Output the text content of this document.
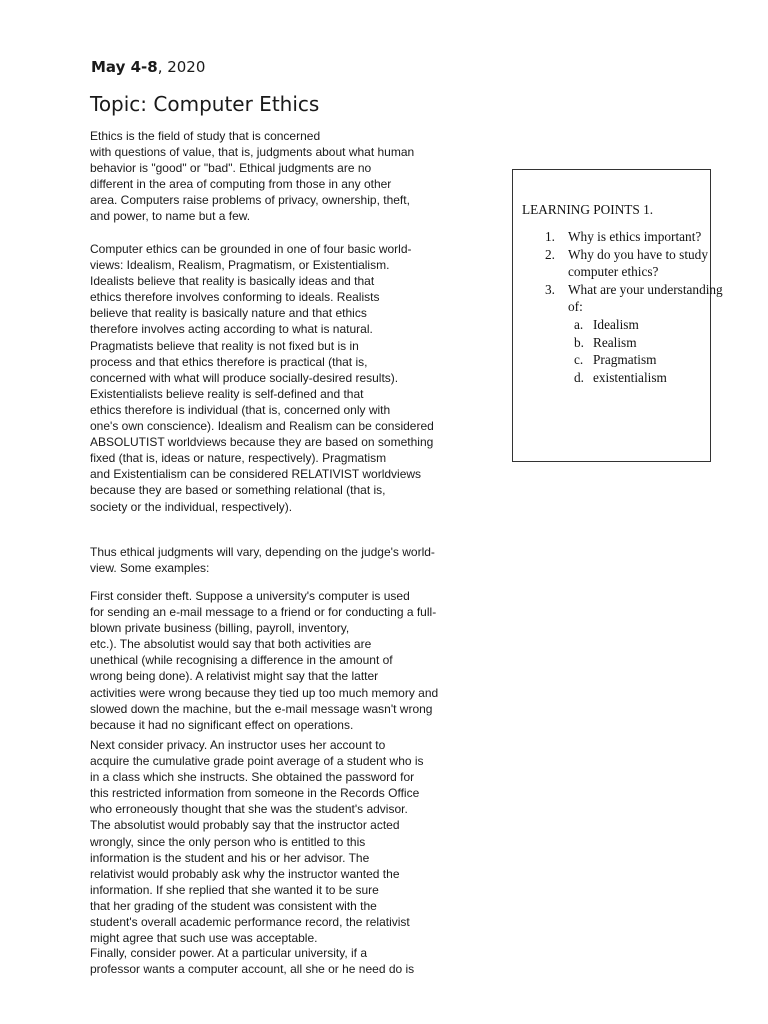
May 4-8, 2020
Topic: Computer Ethics
Ethics is the field of study that is concerned
with questions of value, that is, judgments about what human
behavior is "good" or "bad". Ethical judgments are no
different in the area of computing from those in any other
area. Computers raise problems of privacy, ownership, theft,
and power, to name but a few.
Computer ethics can be grounded in one of four basic world-
views: Idealism, Realism, Pragmatism, or Existentialism.
Idealists believe that reality is basically ideas and that
ethics therefore involves conforming to ideals. Realists
believe that reality is basically nature and that ethics
therefore involves acting according to what is natural.
Pragmatists believe that reality is not fixed but is in
process and that ethics therefore is practical (that is,
concerned with what will produce socially-desired results).
Existentialists believe reality is self-defined and that
ethics therefore is individual (that is, concerned only with
one's own conscience). Idealism and Realism can be considered
ABSOLUTIST worldviews because they are based on something
fixed (that is, ideas or nature, respectively). Pragmatism
and Existentialism can be considered RELATIVIST worldviews
because they are based or something relational (that is,
society or the individual, respectively).
Thus ethical judgments will vary, depending on the judge's world-
view. Some examples:
First consider theft. Suppose a university's computer is used
for sending an e-mail message to a friend or for conducting a full-
blown private business (billing, payroll, inventory,
etc.). The absolutist would say that both activities are
unethical (while recognising a difference in the amount of
wrong being done). A relativist might say that the latter
activities were wrong because they tied up too much memory and
slowed down the machine, but the e-mail message wasn't wrong
because it had no significant effect on operations.
Next consider privacy. An instructor uses her account to
acquire the cumulative grade point average of a student who is
in a class which she instructs. She obtained the password for
this restricted information from someone in the Records Office
who erroneously thought that she was the student's advisor.
The absolutist would probably say that the instructor acted
wrongly, since the only person who is entitled to this
information is the student and his or her advisor. The
relativist would probably ask why the instructor wanted the
information. If she replied that she wanted it to be sure
that her grading of the student was consistent with the
student's overall academic performance record, the relativist
might agree that such use was acceptable.
Finally, consider power. At a particular university, if a
professor wants a computer account, all she or he need do is
LEARNING POINTS 1.
1. Why is ethics important?
2. Why do you have to study
computer ethics?
3. What are your understanding
of:
a. Idealism
b. Realism
c. Pragmatism
d. existentialism
